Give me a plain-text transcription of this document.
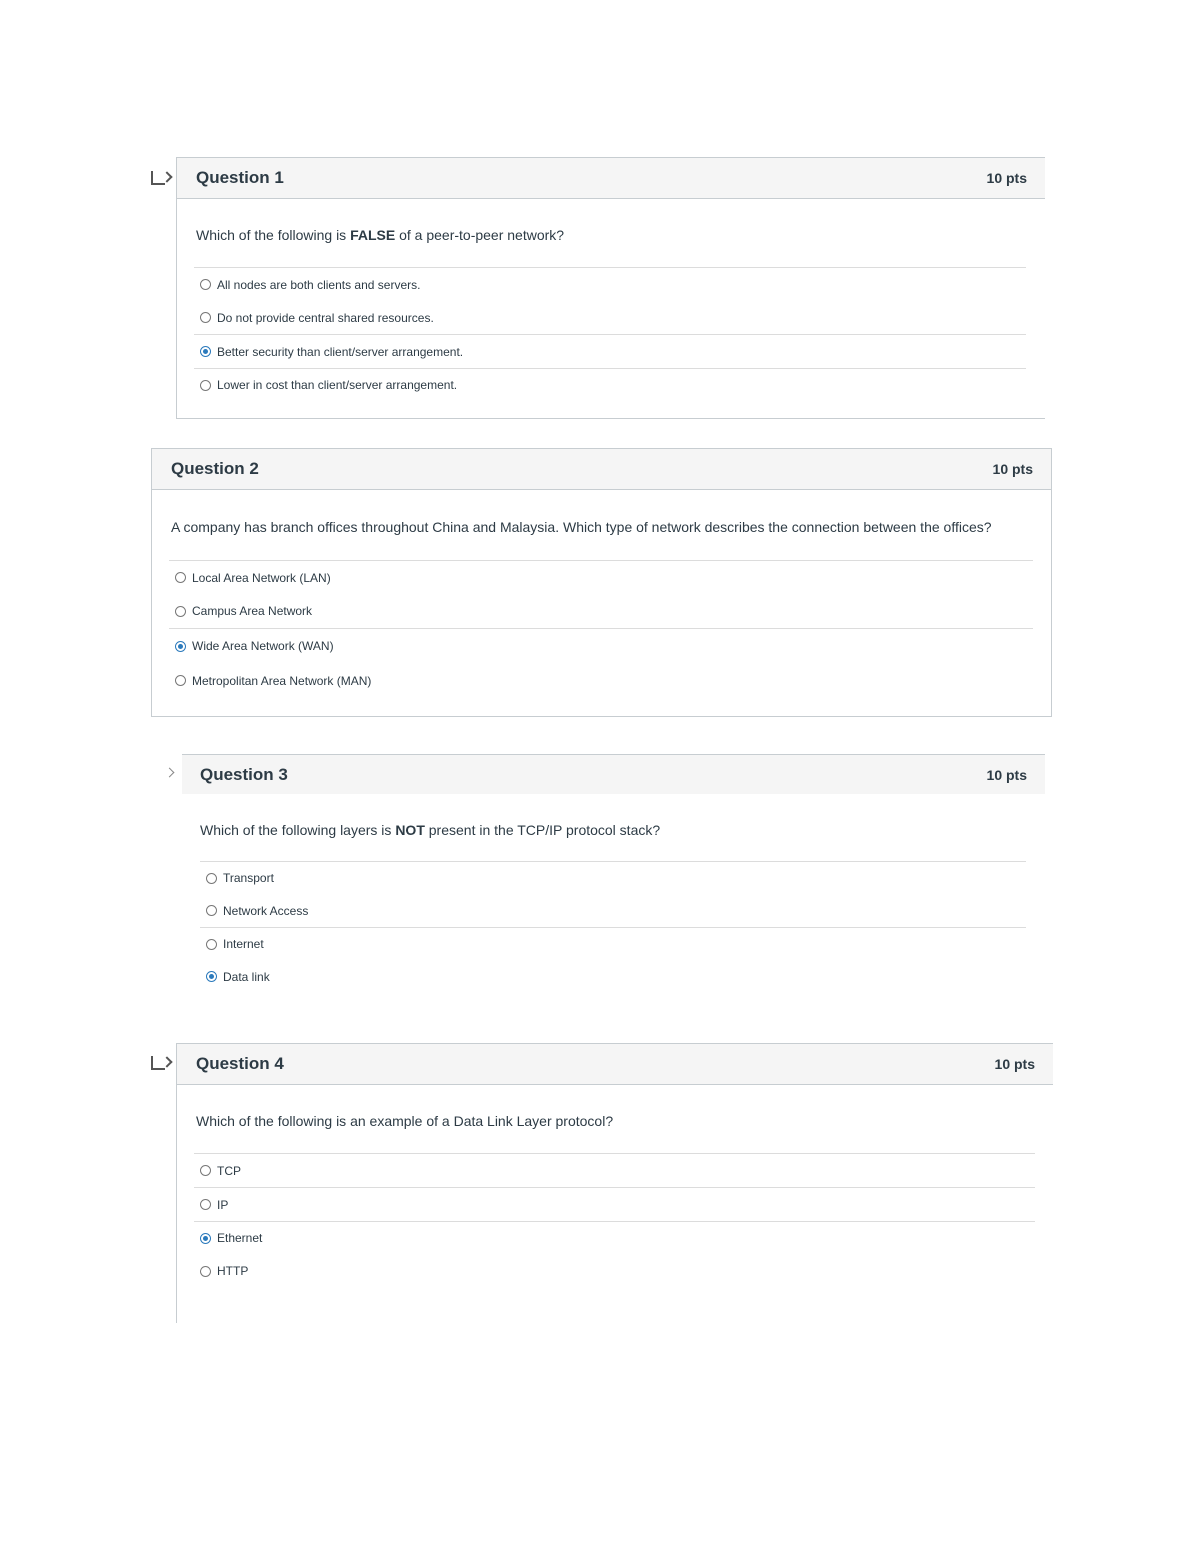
Question 1	10 pts
Which of the following is FALSE of a peer-to-peer network?
All nodes are both clients and servers.
Do not provide central shared resources.
Better security than client/server arrangement.
Lower in cost than client/server arrangement.
Question 2	10 pts
A company has branch offices throughout China and Malaysia. Which type of network describes the connection between the offices?
Local Area Network (LAN)
Campus Area Network
Wide Area Network (WAN)
Metropolitan Area Network (MAN)
Question 3	10 pts
Which of the following layers is NOT present in the TCP/IP protocol stack?
Transport
Network Access
Internet
Data link
Question 4	10 pts
Which of the following is an example of a Data Link Layer protocol?
TCP
IP
Ethernet
HTTP
